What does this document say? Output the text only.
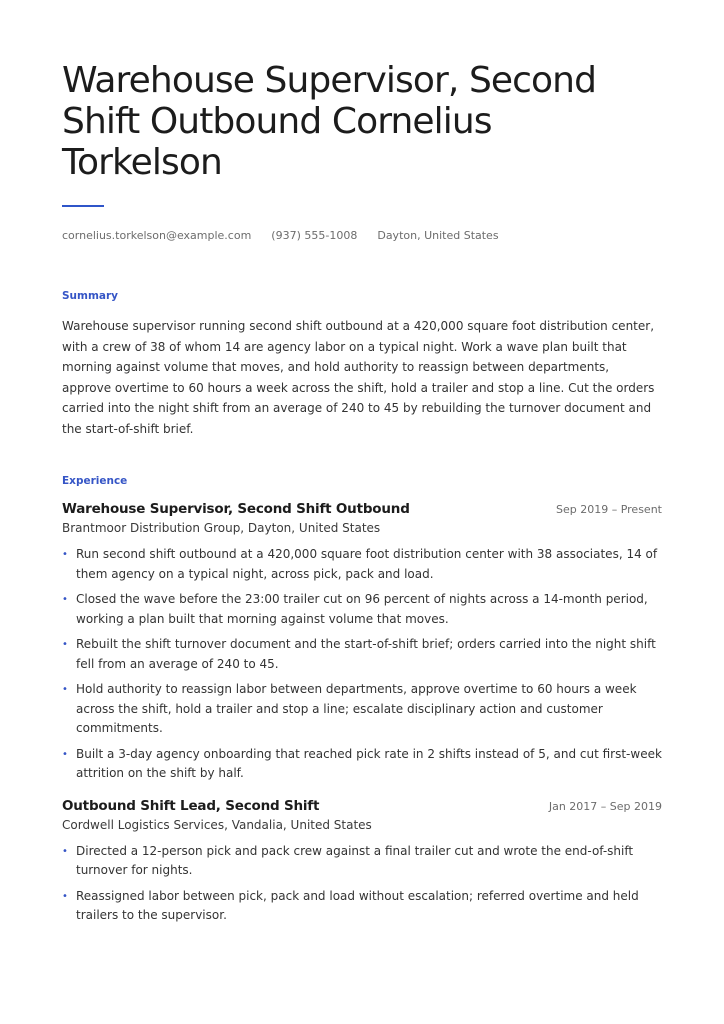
Warehouse Supervisor, Second Shift Outbound Cornelius Torkelson
cornelius.torkelson@example.com (937) 555-1008 Dayton, United States
Summary

Warehouse supervisor running second shift outbound at a 420,000 square foot distribution center, with a crew of 38 of whom 14 are agency labor on a typical night. Work a wave plan built that morning against volume that moves, and hold authority to reassign between departments, approve overtime to 60 hours a week across the shift, hold a trailer and stop a line. Cut the orders carried into the night shift from an average of 240 to 45 by rebuilding the turnover document and the start-of-shift brief.

Experience
Warehouse Supervisor, Second Shift Outbound	Sep 2019 – Present
Brantmoor Distribution Group, Dayton, United States
• Run second shift outbound at a 420,000 square foot distribution center with 38 associates, 14 of them agency on a typical night, across pick, pack and load.
• Closed the wave before the 23:00 trailer cut on 96 percent of nights across a 14-month period, working a plan built that morning against volume that moves.
• Rebuilt the shift turnover document and the start-of-shift brief; orders carried into the night shift fell from an average of 240 to 45.
• Hold authority to reassign labor between departments, approve overtime to 60 hours a week across the shift, hold a trailer and stop a line; escalate disciplinary action and customer commitments.
• Built a 3-day agency onboarding that reached pick rate in 2 shifts instead of 5, and cut first-week attrition on the shift by half.
Outbound Shift Lead, Second Shift	Jan 2017 – Sep 2019
Cordwell Logistics Services, Vandalia, United States
• Directed a 12-person pick and pack crew against a final trailer cut and wrote the end-of-shift turnover for nights.
• Reassigned labor between pick, pack and load without escalation; referred overtime and held trailers to the supervisor.
